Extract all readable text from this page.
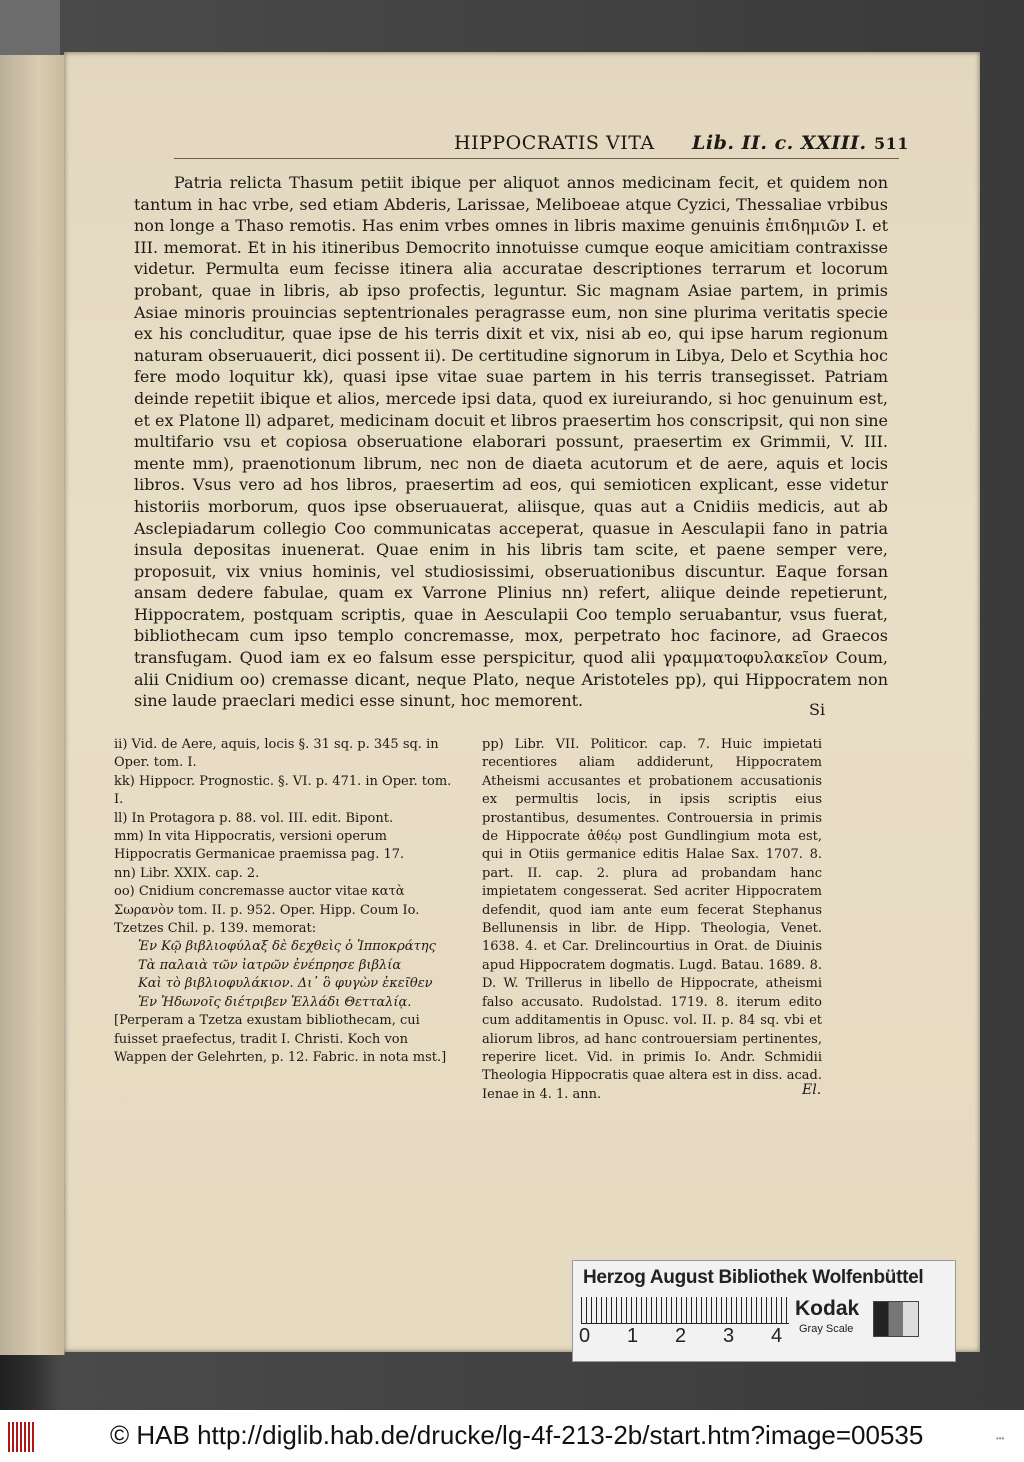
HIPPOCRATIS VITA Lib. II. c. XXIII. 511

Patria relicta Thasum petiit ibique per aliquot annos medicinam fecit, et quidem non tantum in hac vrbe, sed etiam Abderis, Larissae, Meliboeae atque Cyzici, Thessaliae vrbibus non longe a Thaso remotis. Has enim vrbes omnes in libris maxime genuinis ἐπιδημιῶν I. et III. memorat. Et in his itineribus Democrito innotuisse cumque eoque amicitiam contraxisse videtur. Permulta eum fecisse itinera alia accuratae descriptiones terrarum et locorum probant, quae in libris, ab ipso profectis, leguntur. Sic magnam Asiae partem, in primis Asiae minoris prouincias septentrionales peragrasse eum, non sine plurima veritatis specie ex his concluditur, quae ipse de his terris dixit et vix, nisi ab eo, qui ipse harum regionum naturam obseruauerit, dici possent ii). De certitudine signorum in Libya, Delo et Scythia hoc fere modo loquitur kk), quasi ipse vitae suae partem in his terris transegisset. Patriam deinde repetiit ibique et alios, mercede ipsi data, quod ex iureiurando, si hoc genuinum est, et ex Platone ll) adparet, medicinam docuit et libros praesertim hos conscripsit, qui non sine multifario vsu et copiosa obseruatione elaborari possunt, praesertim ex Grimmii, V. III. mente mm), praenotionum librum, nec non de diaeta acutorum et de aere, aquis et locis libros. Vsus vero ad hos libros, praesertim ad eos, qui semioticen explicant, esse videtur historiis morborum, quos ipse obseruauerat, aliisque, quas aut a Cnidiis medicis, aut ab Asclepiadarum collegio Coo communicatas acceperat, quasue in Aesculapii fano in patria insula depositas inuenerat. Quae enim in his libris tam scite, et paene semper vere, proposuit, vix vnius hominis, vel studiosissimi, obseruationibus discuntur. Eaque forsan ansam dedere fabulae, quam ex Varrone Plinius nn) refert, aliique deinde repetierunt, Hippocratem, postquam scriptis, quae in Aesculapii Coo templo seruabantur, vsus fuerat, bibliothecam cum ipso templo concremasse, mox, perpetrato hoc facinore, ad Graecos transfugam. Quod iam ex eo falsum esse perspicitur, quod alii γραμματοφυλακεῖον Coum, alii Cnidium oo) cremasse dicant, neque Plato, neque Aristoteles pp), qui Hippocratem non sine laude praeclari medici esse sinunt, hoc memorent.	Si

ii) Vid. de Aere, aquis, locis §. 31 sq. p. 345 sq. in Oper. tom. I.

kk) Hippocr. Prognostic. §. VI. p. 471. in Oper. tom. I.

ll) In Protagora p. 88. vol. III. edit. Bipont.

mm) In vita Hippocratis, versioni operum Hippocratis Germanicae praemissa pag. 17.

nn) Libr. XXIX. cap. 2.

oo) Cnidium concremasse auctor vitae κατὰ Σωρανὸν tom. II. p. 952. Oper. Hipp. Coum Io. Tzetzes Chil. p. 139. memorat:

Ἐν Κῷ βιβλιοφύλαξ δὲ δεχθεὶς ὁ Ἱπποκράτης

Τὰ παλαιὰ τῶν ἰατρῶν ἐνέπρησε βιβλία

Καὶ τὸ βιβλιοφυλάκιον. Δι᾽ ὃ φυγὼν ἐκεῖθεν

Ἐν Ἠδωνοῖς διέτριβεν Ἑλλάδι Θετταλίᾳ.

[Perperam a Tzetza exustam bibliothecam, cui fuisset praefectus, tradit I. Christi. Koch von Wappen der Gelehrten, p. 12. Fabric. in nota mst.]

pp) Libr. VII. Politicor. cap. 7. Huic impietati recentiores aliam addiderunt, Hippocratem Atheismi accusantes et probationem accusationis ex permultis locis, in ipsis scriptis eius prostantibus, desumentes. Controuersia in primis de Hippocrate ἀθέῳ post Gundlingium mota est, qui in Otiis germanice editis Halae Sax. 1707. 8. part. II. cap. 2. plura ad probandam hanc impietatem congesserat. Sed acriter Hippocratem defendit, quod iam ante eum fecerat Stephanus Bellunensis in libr. de Hipp. Theologia, Venet. 1638. 4. et Car. Drelincourtius in Orat. de Diuinis apud Hippocratem dogmatis. Lugd. Batau. 1689. 8. D. W. Trillerus in libello de Hippocrate, atheismi falso accusato. Rudolstad. 1719. 8. iterum edito cum additamentis in Opusc. vol. II. p. 84 sq. vbi et aliorum libros, ad hanc controuersiam pertinentes, reperire licet. Vid. in primis Io. Andr. Schmidii Theologia Hippocratis quae altera est in diss. acad. Ienae in 4. 1. ann.	El.
Herzog August Bibliothek Wolfenbüttel
0 1 2 3 4
Kodak
Gray Scale
© HAB http://diglib.hab.de/drucke/lg-4f-213-2b/start.htm?image=00535	•••
